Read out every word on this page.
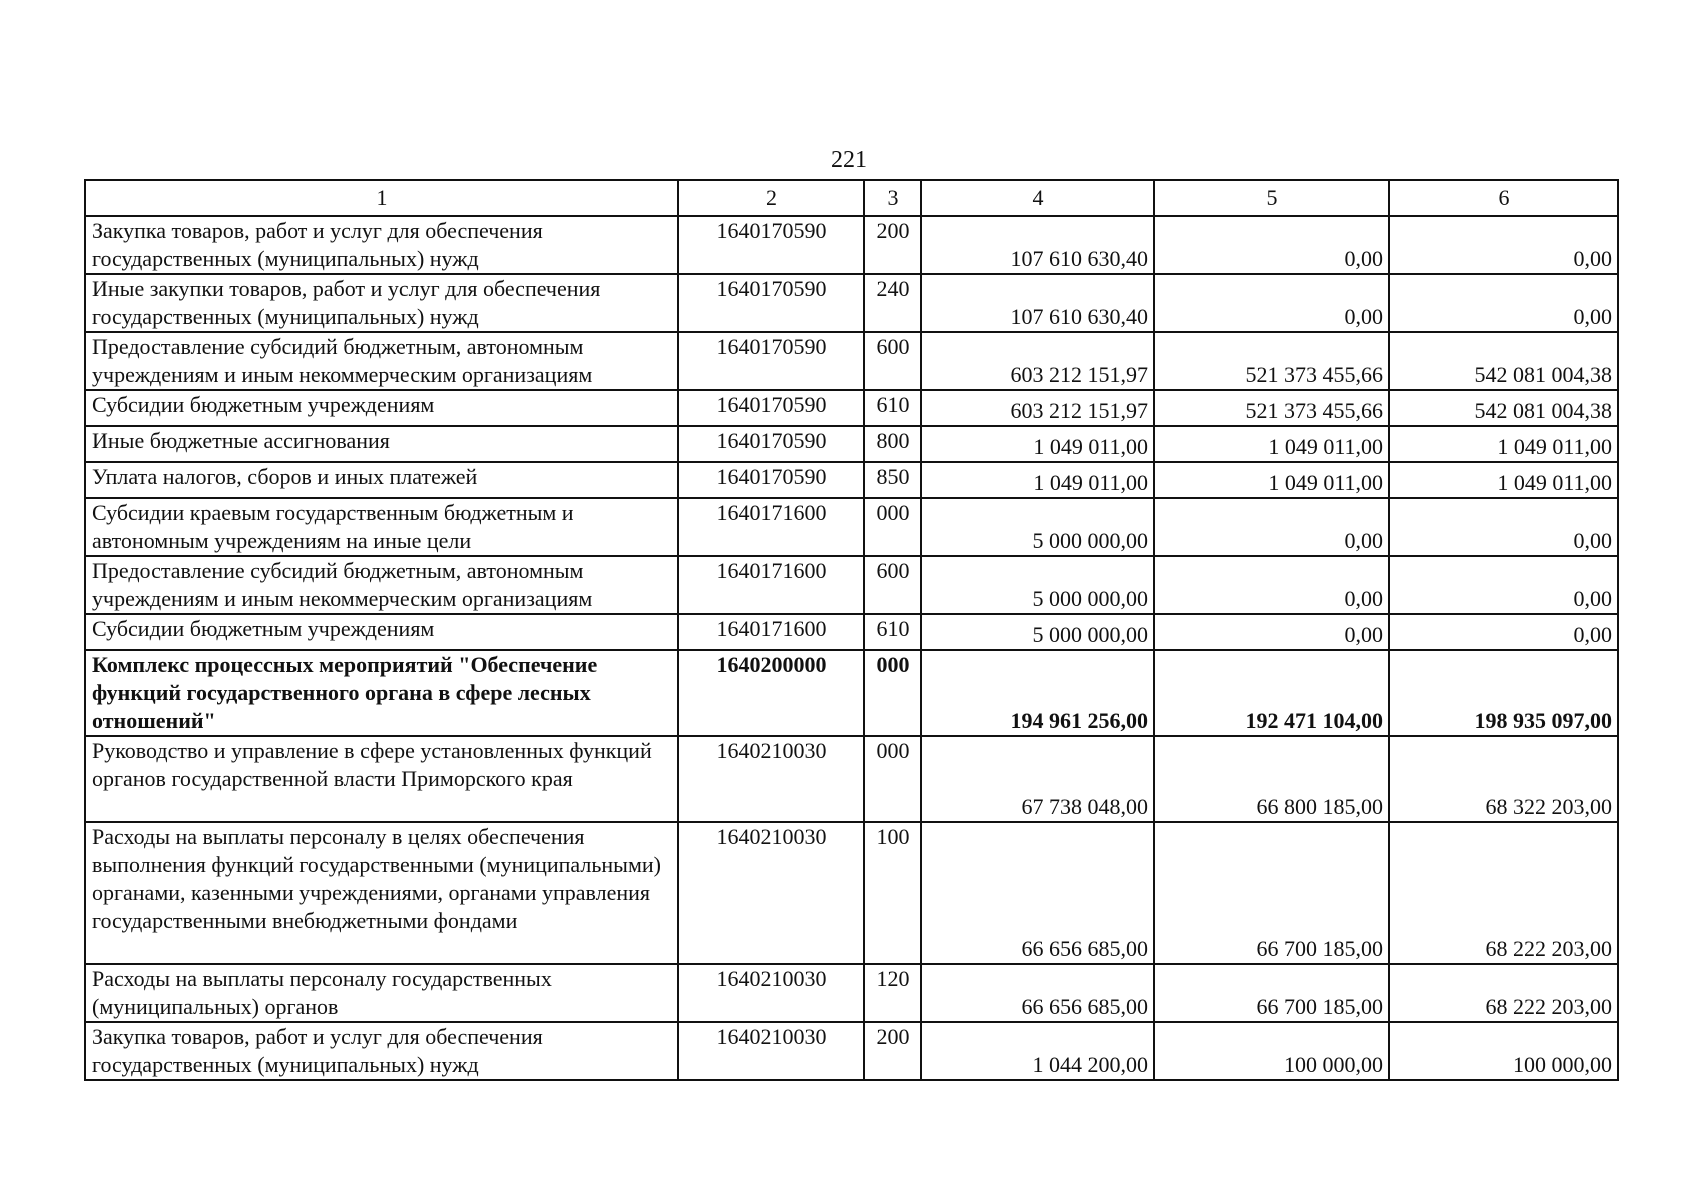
221
1	2	3	4	5	6
Закупка товаров, работ и услуг для обеспечения государственных (муниципальных) нужд	1640170590	200	107 610 630,40	0,00	0,00
Иные закупки товаров, работ и услуг для обеспечения государственных (муниципальных) нужд	1640170590	240	107 610 630,40	0,00	0,00
Предоставление субсидий бюджетным, автономным учреждениям и иным некоммерческим организациям	1640170590	600	603 212 151,97	521 373 455,66	542 081 004,38
Субсидии бюджетным учреждениям	1640170590	610	603 212 151,97	521 373 455,66	542 081 004,38
Иные бюджетные ассигнования	1640170590	800	1 049 011,00	1 049 011,00	1 049 011,00
Уплата налогов, сборов и иных платежей	1640170590	850	1 049 011,00	1 049 011,00	1 049 011,00
Субсидии краевым государственным бюджетным и автономным учреждениям на иные цели	1640171600	000	5 000 000,00	0,00	0,00
Предоставление субсидий бюджетным, автономным учреждениям и иным некоммерческим организациям	1640171600	600	5 000 000,00	0,00	0,00
Субсидии бюджетным учреждениям	1640171600	610	5 000 000,00	0,00	0,00
Комплекс процессных мероприятий "Обеспечение функций государственного органа в сфере лесных отношений"	1640200000	000	194 961 256,00	192 471 104,00	198 935 097,00
Руководство и управление в сфере установленных функций органов государственной власти Приморского края	1640210030	000	67 738 048,00	66 800 185,00	68 322 203,00
Расходы на выплаты персоналу в целях обеспечения выполнения функций государственными (муниципальными) органами, казенными учреждениями, органами управления государственными внебюджетными фондами	1640210030	100	66 656 685,00	66 700 185,00	68 222 203,00
Расходы на выплаты персоналу государственных (муниципальных) органов	1640210030	120	66 656 685,00	66 700 185,00	68 222 203,00
Закупка товаров, работ и услуг для обеспечения государственных (муниципальных) нужд	1640210030	200	1 044 200,00	100 000,00	100 000,00
